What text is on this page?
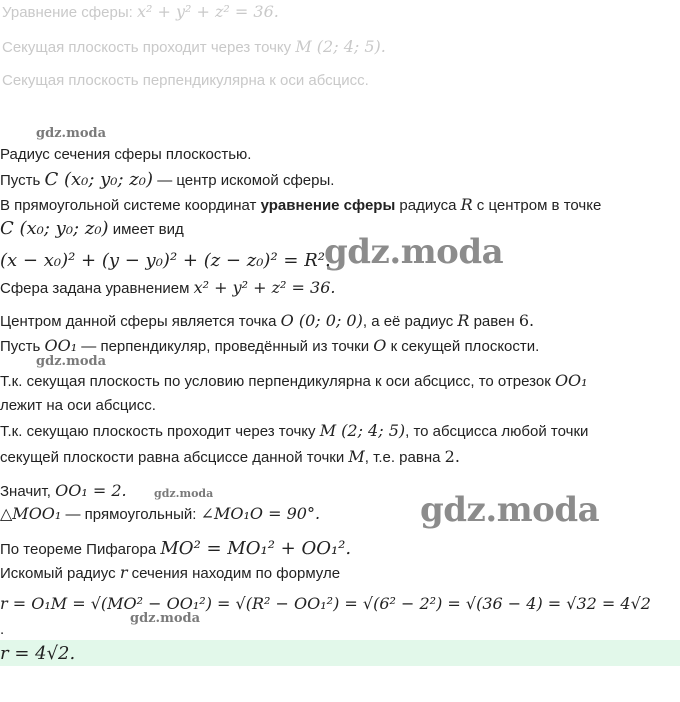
Уравнение сферы: x² + y² + z² = 36.
Секущая плоскость проходит через точку M (2; 4; 5).
Секущая плоскость перпендикулярна к оси абсцисс.
gdz.moda
gdz.moda
gdz.moda
gdz.moda	gdz.moda
gdz.moda
Радиус сечения сферы плоскостью.
Пусть C (x₀; y₀; z₀) — центр искомой сферы.
В прямоугольной системе координат уравнение сферы радиуса R с центром в точке
C (x₀; y₀; z₀) имеет вид
(x − x₀)² + (y − y₀)² + (z − z₀)² = R².
Сфера задана уравнением x² + y² + z² = 36.
Центром данной сферы является точка O (0; 0; 0), а её радиус R равен 6.
Пусть OO₁ — перпендикуляр, проведённый из точки O к секущей плоскости.
Т.к. секущая плоскость по условию перпендикулярна к оси абсцисс, то отрезок OO₁
лежит на оси абсцисс.
Т.к. секущаю плоскость проходит через точку M (2; 4; 5), то абсцисса любой точки
секущей плоскости равна абсциссе данной точки M, т.е. равна 2.
Значит, OO₁ = 2.
△MOO₁ — прямоугольный: ∠MO₁O = 90°.
По теореме Пифагора MO² = MO₁² + OO₁².
Искомый радиус r сечения находим по формуле
r = O₁M = √(MO² − OO₁²) = √(R² − OO₁²) = √(6² − 2²) = √(36 − 4) = √32 = 4√2
.
r = 4√2.
